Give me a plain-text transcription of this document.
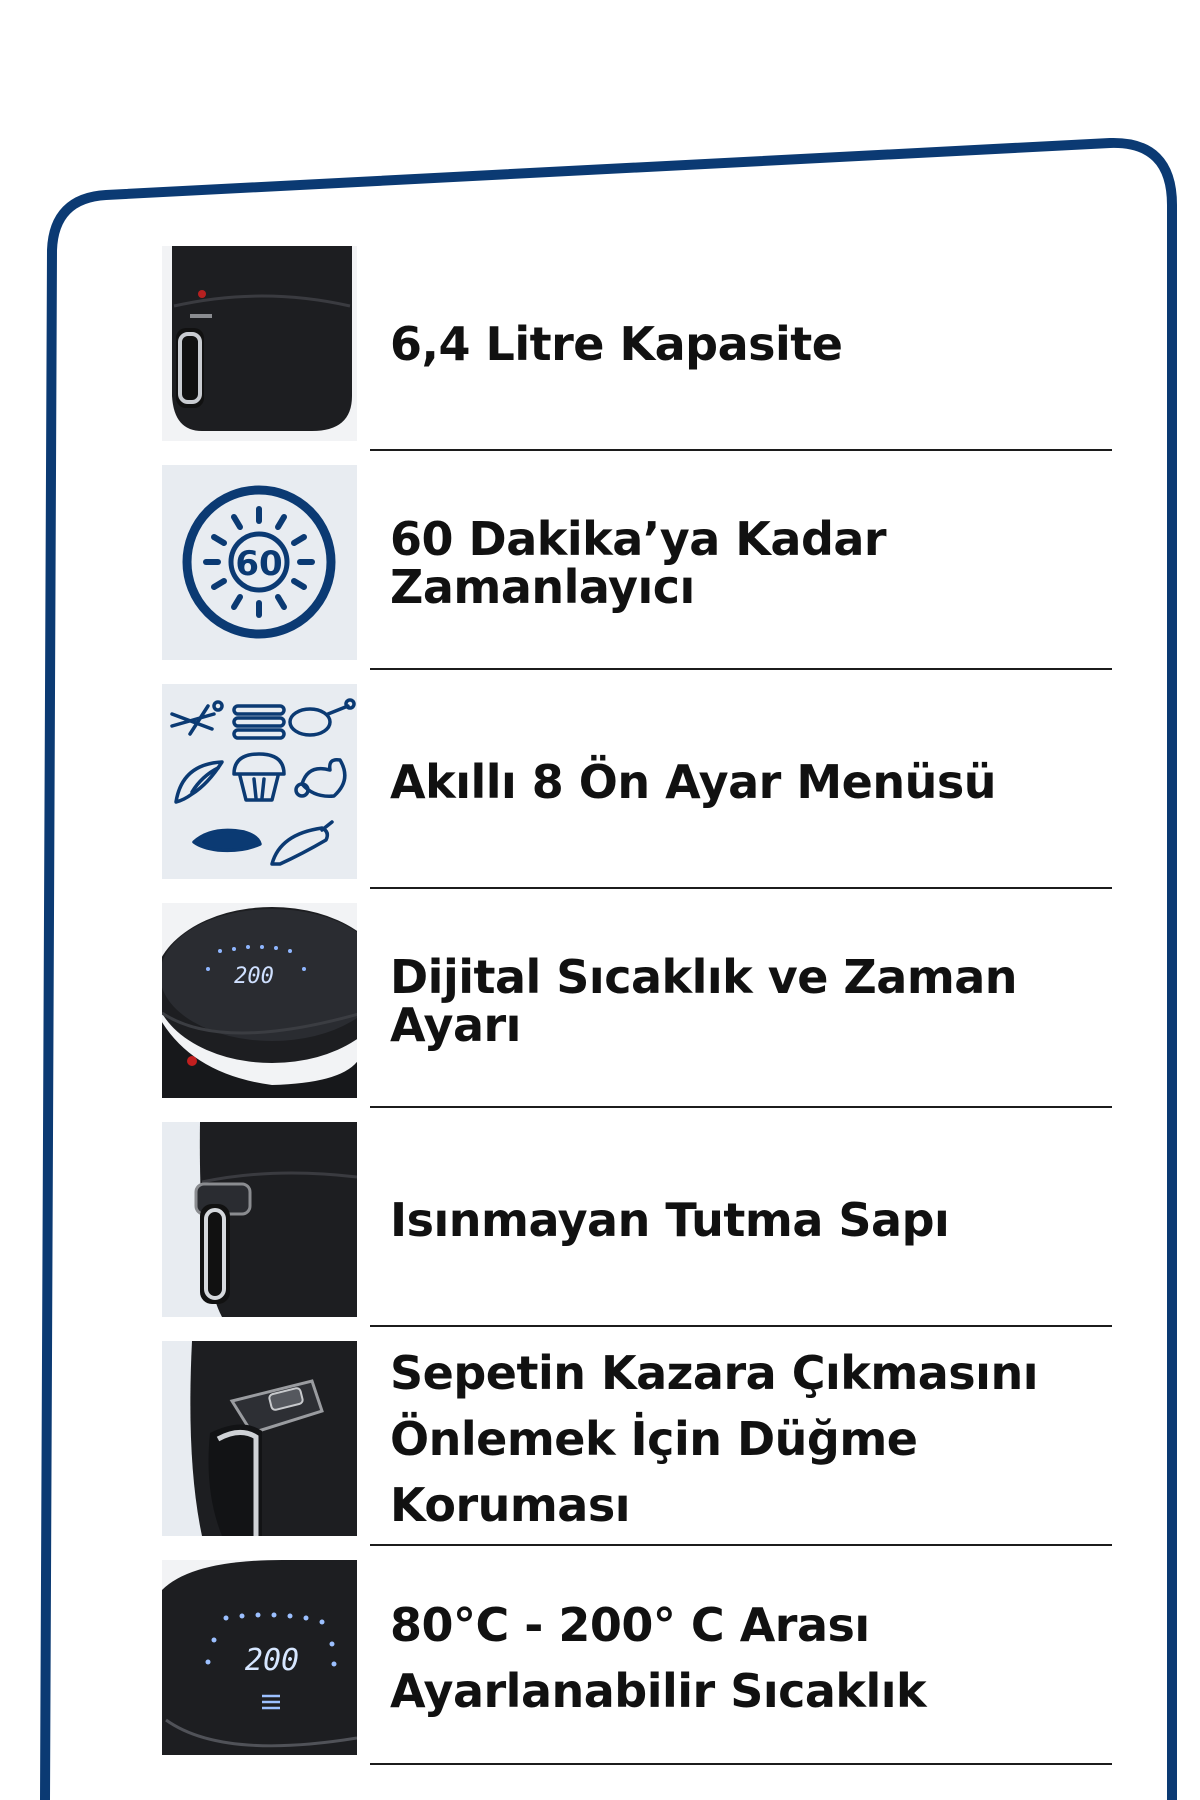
6,4 Litre Kapasite
60 60 Dakika’ya Kadar
Zamanlayıcı
Akıllı 8 Ön Ayar Menüsü
200	Dijital Sıcaklık ve Zaman
Ayarı
Isınmayan Tutma Sapı
Sepetin Kazara Çıkmasını
Önlemek İçin Düğme
Koruması
200
80°C - 200° C Arası
Ayarlanabilir Sıcaklık
